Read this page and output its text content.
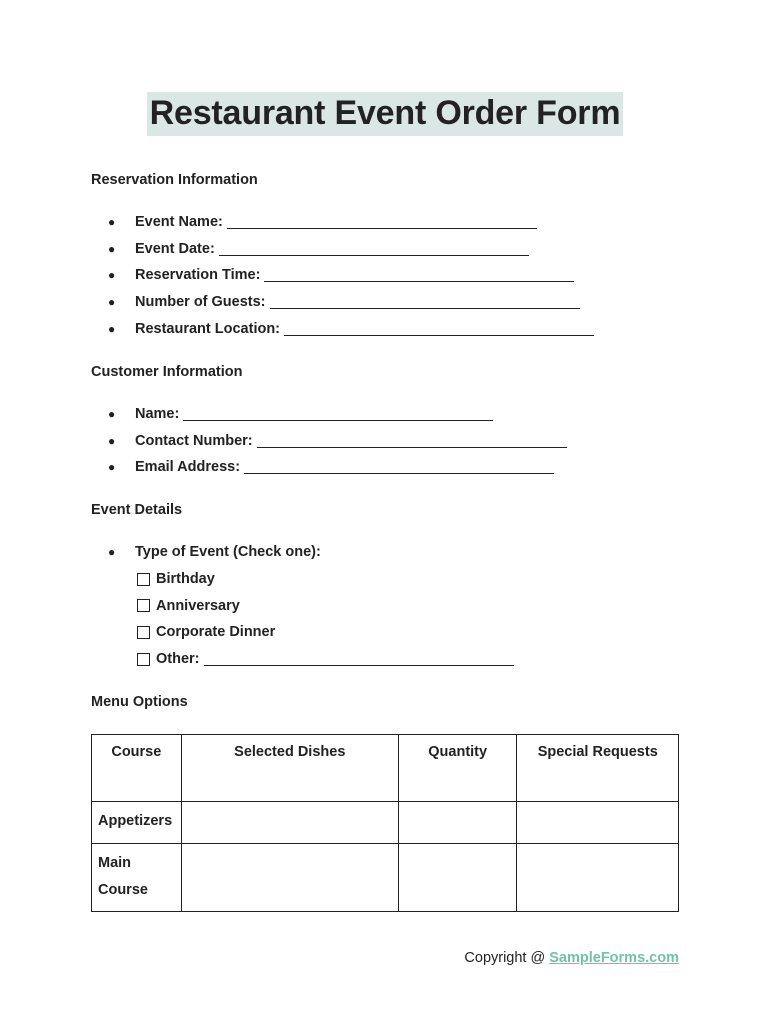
Restaurant Event Order Form
Reservation Information
●	Event Name:
●	Event Date:
●	Reservation Time:
●	Number of Guests:
●	Restaurant Location:
Customer Information
●	Name:
●	Contact Number:
●	Email Address:
Event Details
●	Type of Event (Check one):
Birthday
Anniversary
Corporate Dinner
Other:
Menu Options
Course	Selected Dishes	Quantity	Special Requests
Appetizers			
Main Course			
Copyright @ SampleForms.com
